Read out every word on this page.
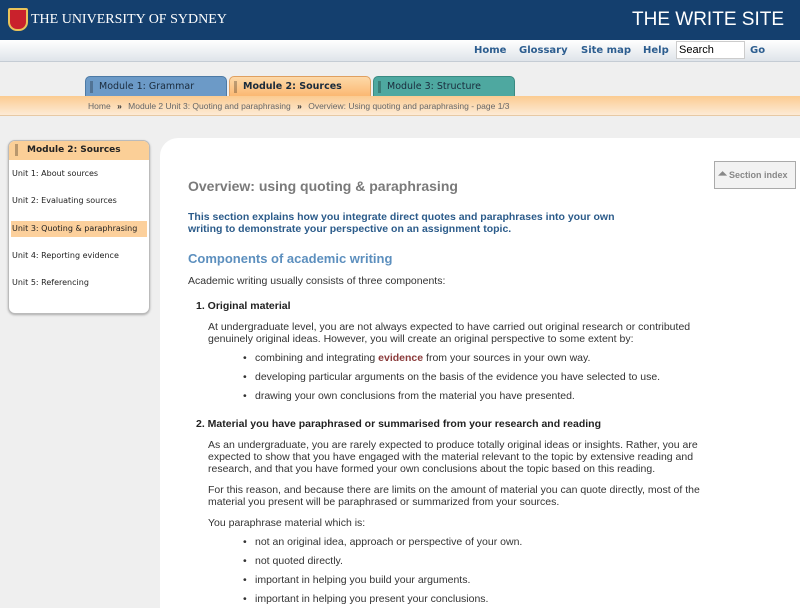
THE UNIVERSITY OF SYDNEY	THE WRITE SITE
Home Glossary Site map Help
Search	Go
Module 1: Grammar	Module 2: Sources	Module 3: Structure
Home » Module 2 Unit 3: Quoting and paraphrasing » Overview: Using quoting and paraphrasing - page 1/3
Module 2: Sources
Unit 1: About sources
Unit 2: Evaluating sources
Unit 3: Quoting & paraphrasing
Unit 4: Reporting evidence
Unit 5: Referencing
⏶ Section index
Overview: using quoting & paraphrasing
This section explains how you integrate direct quotes and paraphrases into your own writing to demonstrate your perspective on an assignment topic.
Components of academic writing
Academic writing usually consists of three components:
1. Original material
At undergraduate level, you are not always expected to have carried out original research or contributed genuinely original ideas. However, you will create an original perspective to some extent by:
• combining and integrating evidence from your sources in your own way.
• developing particular arguments on the basis of the evidence you have selected to use.
• drawing your own conclusions from the material you have presented.
2. Material you have paraphrased or summarised from your research and reading
As an undergraduate, you are rarely expected to produce totally original ideas or insights. Rather, you are expected to show that you have engaged with the material relevant to the topic by extensive reading and research, and that you have formed your own conclusions about the topic based on this reading.
For this reason, and because there are limits on the amount of material you can quote directly, most of the material you present will be paraphrased or summarized from your sources.
You paraphrase material which is:
• not an original idea, approach or perspective of your own.
• not quoted directly.
• important in helping you build your arguments.
• important in helping you present your conclusions.
